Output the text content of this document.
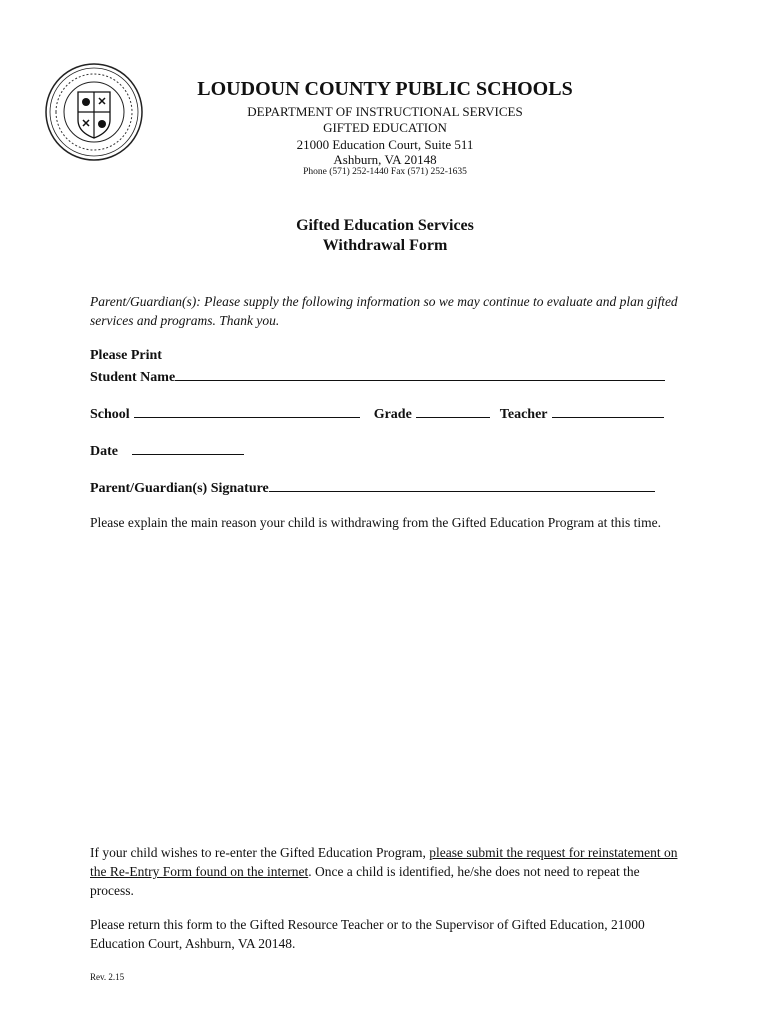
LOUDOUN COUNTY PUBLIC SCHOOLS
DEPARTMENT OF INSTRUCTIONAL SERVICES
GIFTED EDUCATION
21000 Education Court, Suite 511
Ashburn, VA 20148
Phone (571) 252-1440 Fax (571) 252-1635
Gifted Education Services
Withdrawal Form
Parent/Guardian(s): Please supply the following information so we may continue to evaluate and plan gifted services and programs. Thank you.
Please Print
Student Name
School	Grade	Teacher
Date
Parent/Guardian(s) Signature
Please explain the main reason your child is withdrawing from the Gifted Education Program at this time.
If your child wishes to re-enter the Gifted Education Program, please submit the request for reinstatement on the Re-Entry Form found on the internet. Once a child is identified, he/she does not need to repeat the process.
Please return this form to the Gifted Resource Teacher or to the Supervisor of Gifted Education, 21000 Education Court, Ashburn, VA 20148.
Rev. 2.15
